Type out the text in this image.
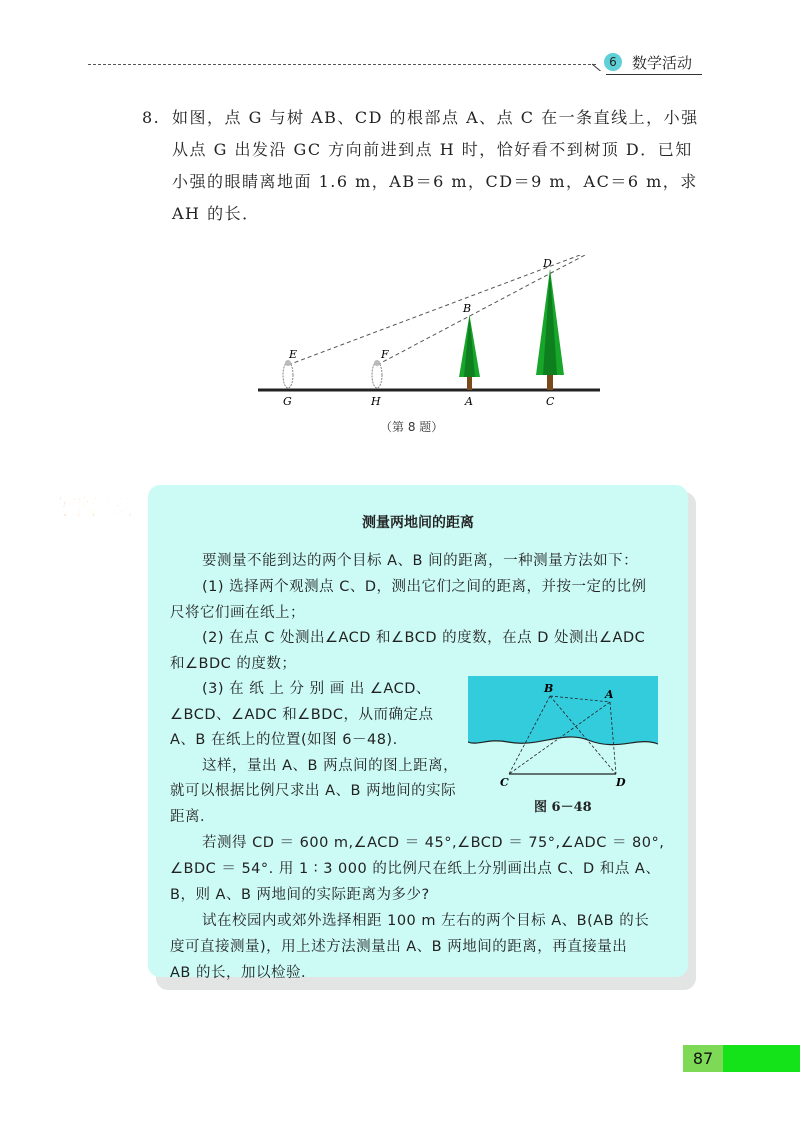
6	数学活动
8. 如图，点 G 与树 AB、CD 的根部点 A、点 C 在一条直线上，小强
从点 G 出发沿 GC 方向前进到点 H 时，恰好看不到树顶 D．已知
小强的眼睛离地面 1.6 m，AB＝6 m，CD＝9 m，AC＝6 m，求
AH 的长．
D
B
E	F
G	H	A	C
（第 8 题）
数学活动
测量两地间的距离
要测量不能到达的两个目标 A、B 间的距离，一种测量方法如下：
(1) 选择两个观测点 C、D，测出它们之间的距离，并按一定的比例
尺将它们画在纸上；
(2) 在点 C 处测出∠ACD 和∠BCD 的度数，在点 D 处测出∠ADC
和∠BDC 的度数；
(3) 在 纸 上 分 别 画 出 ∠ACD、
∠BCD、∠ADC 和∠BDC，从而确定点
A、B 在纸上的位置(如图 6－48).
这样，量出 A、B 两点间的图上距离，
就可以根据比例尺求出 A、B 两地间的实际
距离．
若测得 CD ＝ 600 m,∠ACD ＝ 45°,∠BCD ＝ 75°,∠ADC ＝ 80°,
∠BDC ＝ 54°. 用 1 ∶ 3 000 的比例尺在纸上分别画出点 C、D 和点 A、
B，则 A、B 两地间的实际距离为多少?
试在校园内或郊外选择相距 100 m 左右的两个目标 A、B(AB 的长
度可直接测量)，用上述方法测量出 A、B 两地间的距离，再直接量出
AB 的长，加以检验．
B	A
C	D
图 6－48
87
